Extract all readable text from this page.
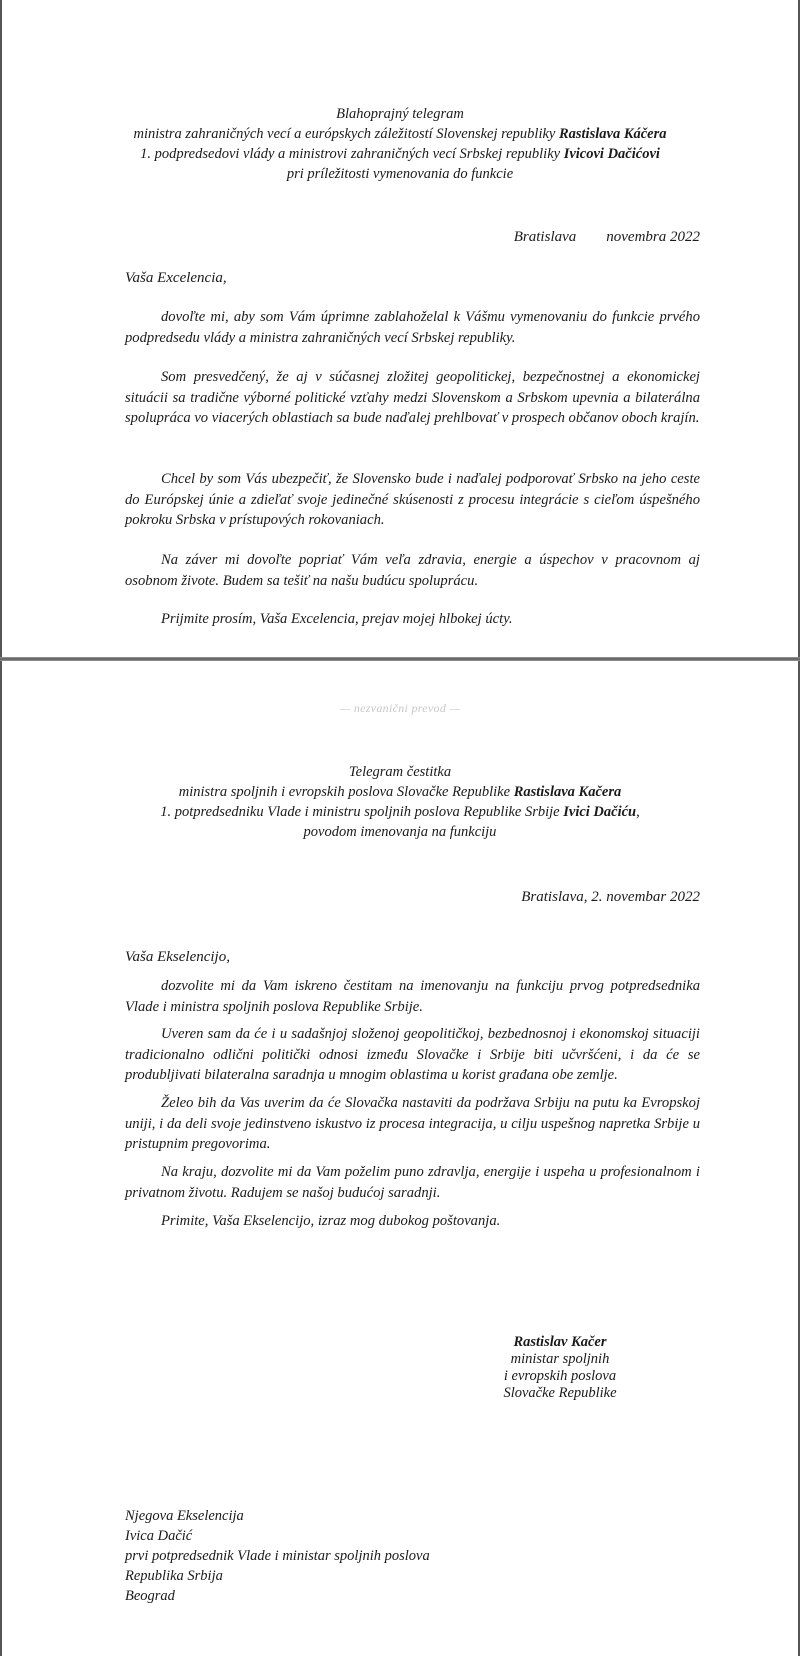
Blahoprajný telegram
ministra zahraničných vecí a európskych záležitostí Slovenskej republiky Rastislava Káčera
1. podpredsedovi vlády a ministrovi zahraničných vecí Srbskej republiky Ivicovi Dačićovi
pri príležitosti vymenovania do funkcie
Bratislava        novembra 2022
Vaša Excelencia,

dovoľte mi, aby som Vám úprimne zablahoželal k Vášmu vymenovaniu do funkcie prvého podpredsedu vlády a ministra zahraničných vecí Srbskej republiky.

Som presvedčený, že aj v súčasnej zložitej geopolitickej, bezpečnostnej a ekonomickej situácii sa tradične výborné politické vzťahy medzi Slovenskom a Srbskom upevnia a bilaterálna spolupráca vo viacerých oblastiach sa bude naďalej prehlbovať v prospech občanov oboch krajín.

Chcel by som Vás ubezpečiť, že Slovensko bude i naďalej podporovať Srbsko na jeho ceste do Európskej únie a zdieľať svoje jedinečné skúsenosti z procesu integrácie s cieľom úspešného pokroku Srbska v prístupových rokovaniach.

Na záver mi dovoľte popriať Vám veľa zdravia, energie a úspechov v pracovnom aj osobnom živote. Budem sa tešiť na našu budúcu spoluprácu.

Prijmite prosím, Vaša Excelencia, prejav mojej hlbokej úcty.

— nezvanični prevod —
Telegram čestitka
ministra spoljnih i evropskih poslova Slovačke Republike Rastislava Kačera
1. potpredsedniku Vlade i ministru spoljnih poslova Republike Srbije Ivici Dačiću,
povodom imenovanja na funkciju
Bratislava, 2. novembar 2022
Vaša Ekselencijo,

dozvolite mi da Vam iskreno čestitam na imenovanju na funkciju prvog potpredsednika Vlade i ministra spoljnih poslova Republike Srbije.

Uveren sam da će i u sadašnjoj složenoj geopolitičkoj, bezbednosnoj i ekonomskoj situaciji tradicionalno odlični politički odnosi između Slovačke i Srbije biti učvršćeni, i da će se produbljivati bilateralna saradnja u mnogim oblastima u korist građana obe zemlje.

Želeo bih da Vas uverim da će Slovačka nastaviti da podržava Srbiju na putu ka Evropskoj uniji, i da deli svoje jedinstveno iskustvo iz procesa integracija, u cilju uspešnog napretka Srbije u pristupnim pregovorima.

Na kraju, dozvolite mi da Vam poželim puno zdravlja, energije i uspeha u profesionalnom i privatnom životu. Radujem se našoj budućoj saradnji.

Primite, Vaša Ekselencijo, izraz mog dubokog poštovanja.

Rastislav Kačer
ministar spoljnih
i evropskih poslova
Slovačke Republike
Njegova Ekselencija
Ivica Dačić
prvi potpredsednik Vlade i ministar spoljnih poslova
Republika Srbija
Beograd
